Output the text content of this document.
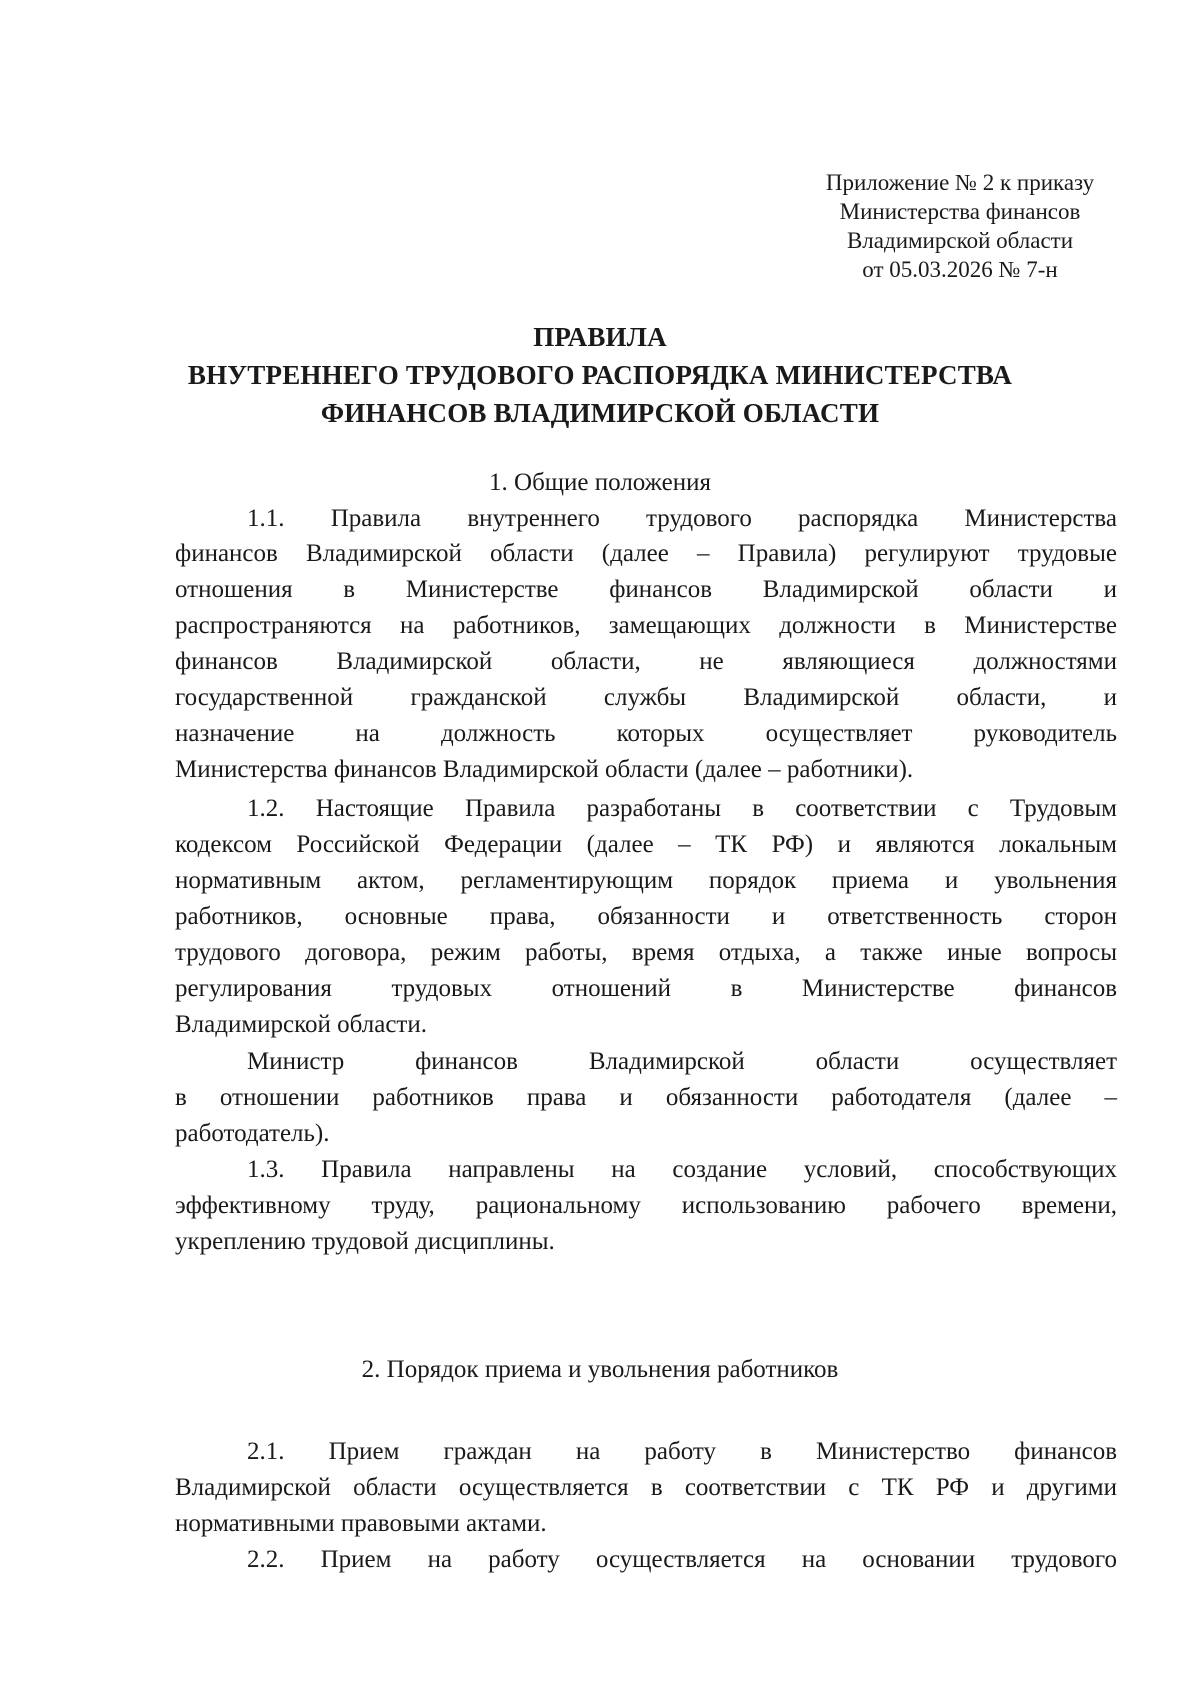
Приложение № 2 к приказу
Министерства финансов
Владимирской области
от 05.03.2026 № 7-н
ПРАВИЛА
ВНУТРЕННЕГО ТРУДОВОГО РАСПОРЯДКА МИНИСТЕРСТВА
ФИНАНСОВ ВЛАДИМИРСКОЙ ОБЛАСТИ
1. Общие положения
1.1. Правила внутреннего трудового распорядка Министерства
финансов Владимирской области (далее – Правила) регулируют трудовые
отношения в Министерстве финансов Владимирской области и
распространяются на работников, замещающих должности в Министерстве
финансов Владимирской области, не являющиеся должностями
государственной гражданской службы Владимирской области, и
назначение на должность которых осуществляет руководитель
Министерства финансов Владимирской области (далее – работники).
1.2. Настоящие Правила разработаны в соответствии с Трудовым
кодексом Российской Федерации (далее – ТК РФ) и являются локальным
нормативным актом, регламентирующим порядок приема и увольнения
работников, основные права, обязанности и ответственность сторон
трудового договора, режим работы, время отдыха, а также иные вопросы
регулирования трудовых отношений в Министерстве финансов
Владимирской области.
Министр финансов Владимирской области осуществляет
в отношении работников права и обязанности работодателя (далее –
работодатель).
1.3. Правила направлены на создание условий, способствующих
эффективному труду, рациональному использованию рабочего времени,
укреплению трудовой дисциплины.
2. Порядок приема и увольнения работников
2.1. Прием граждан на работу в Министерство финансов
Владимирской области осуществляется в соответствии с ТК РФ и другими
нормативными правовыми актами.
2.2. Прием на работу осуществляется на основании трудового
